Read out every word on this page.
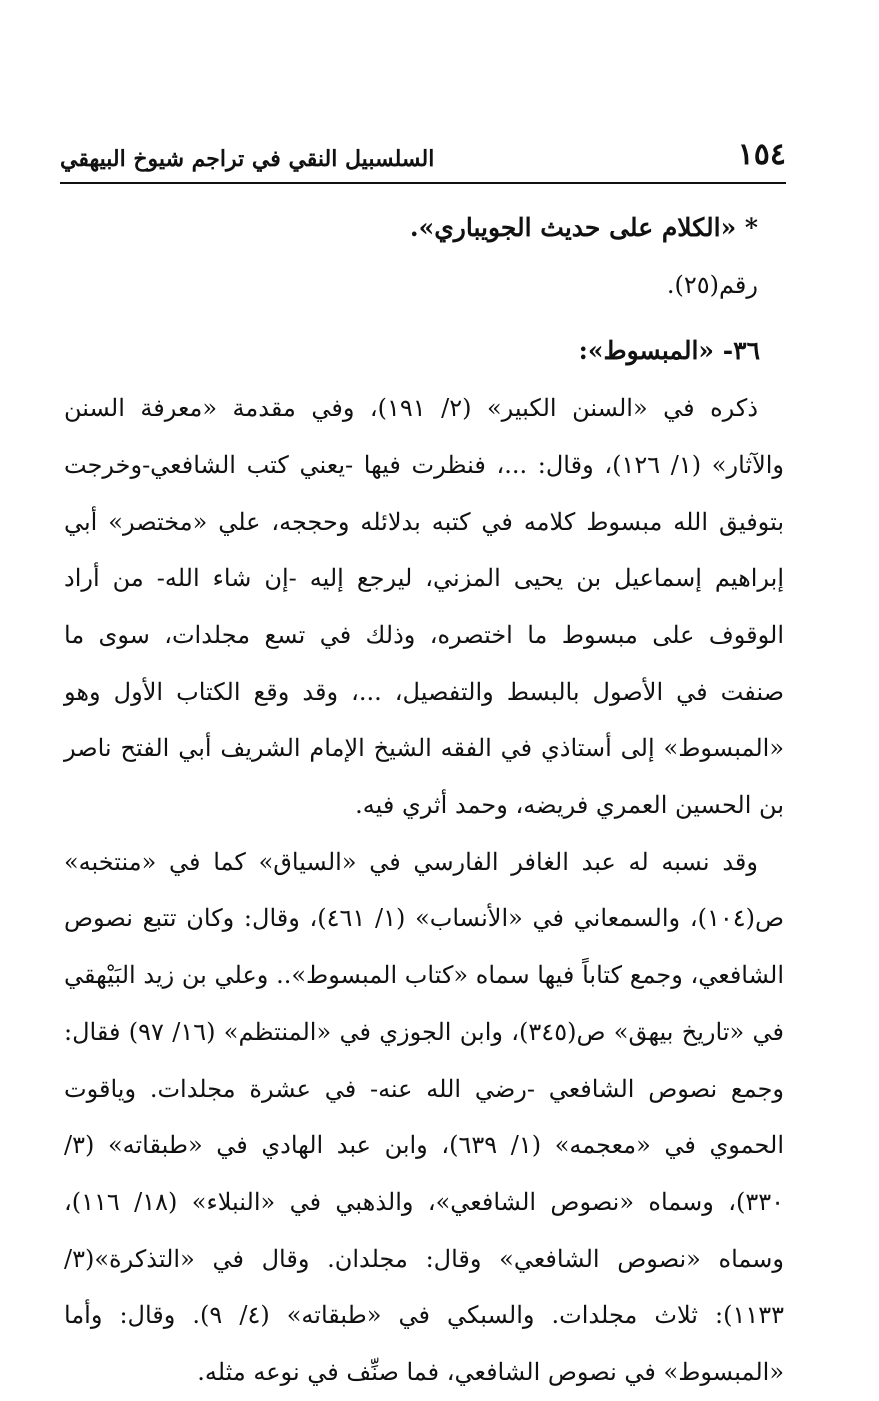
١٥٤
السلسبيل النقي في تراجم شيوخ البيهقي

* «الكلام على حديث الجويباري».

رقم(٢٥).

٣٦- «المبسوط»:

ذكره في «السنن الكبير» (٢/ ١٩١)، وفي مقدمة «معرفة السنن والآثار» (١/ ١٢٦)، وقال: ...، فنظرت فيها -يعني كتب الشافعي-وخرجت بتوفيق الله مبسوط كلامه في كتبه بدلائله وحججه، علي «مختصر» أبي إبراهيم إسماعيل بن يحيى المزني، ليرجع إليه -إن شاء الله- من أراد الوقوف على مبسوط ما اختصره، وذلك في تسع مجلدات، سوى ما صنفت في الأصول بالبسط والتفصيل، ...، وقد وقع الكتاب الأول وهو «المبسوط» إلى أستاذي في الفقه الشيخ الإمام الشريف أبي الفتح ناصر بن الحسين العمري فريضه، وحمد أثري فيه.

وقد نسبه له عبد الغافر الفارسي في «السياق» كما في «منتخبه» ص(١٠٤)، والسمعاني في «الأنساب» (١/ ٤٦١)، وقال: وكان تتبع نصوص الشافعي، وجمع كتاباً فيها سماه «كتاب المبسوط».. وعلي بن زيد البَيْهقي في «تاريخ بيهق» ص(٣٤٥)، وابن الجوزي في «المنتظم» (١٦/ ٩٧) فقال: وجمع نصوص الشافعي -رضي الله عنه- في عشرة مجلدات. وياقوت الحموي في «معجمه» (١/ ٦٣٩)، وابن عبد الهادي في «طبقاته» (٣/ ٣٣٠)، وسماه «نصوص الشافعي»، والذهبي في «النبلاء» (١٨/ ١١٦)، وسماه «نصوص الشافعي» وقال: مجلدان. وقال في «التذكرة»(٣/ ١١٣٣): ثلاث مجلدات. والسبكي في «طبقاته» (٤/ ٩). وقال: وأما «المبسوط» في نصوص الشافعي، فما صنِّف في نوعه مثله.
